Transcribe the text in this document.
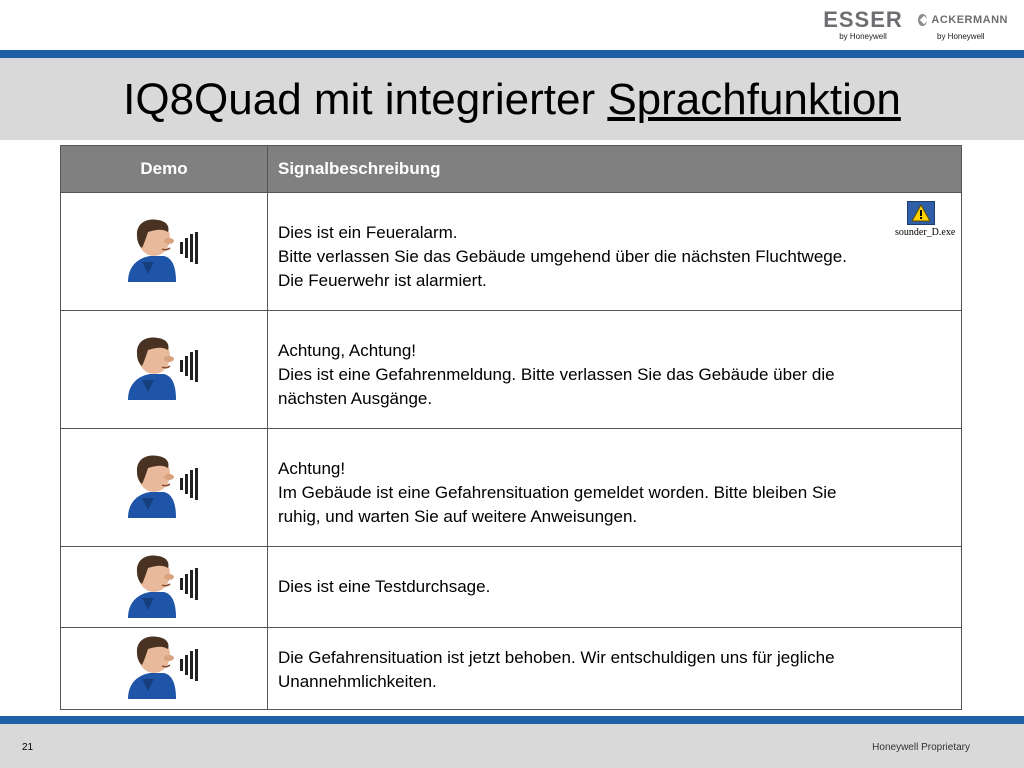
ESSER
by Honeywell
ACKERMANN
by Honeywell
IQ8Quad mit integrierter Sprachfunktion
Demo	Signalbeschreibung
Dies ist ein Feueralarm.
Bitte verlassen Sie das Gebäude umgehend über die nächsten Fluchtwege.
Die Feuerwehr ist alarmiert.
sounder_D.exe
Achtung, Achtung!
Dies ist eine Gefahrenmeldung. Bitte verlassen Sie das Gebäude über die
nächsten Ausgänge.
Achtung!
Im Gebäude ist eine Gefahrensituation gemeldet worden. Bitte bleiben Sie
ruhig, und warten Sie auf weitere Anweisungen.
Dies ist eine Testdurchsage.
Die Gefahrensituation ist jetzt behoben. Wir entschuldigen uns für jegliche
Unannehmlichkeiten.
21	Honeywell Proprietary
